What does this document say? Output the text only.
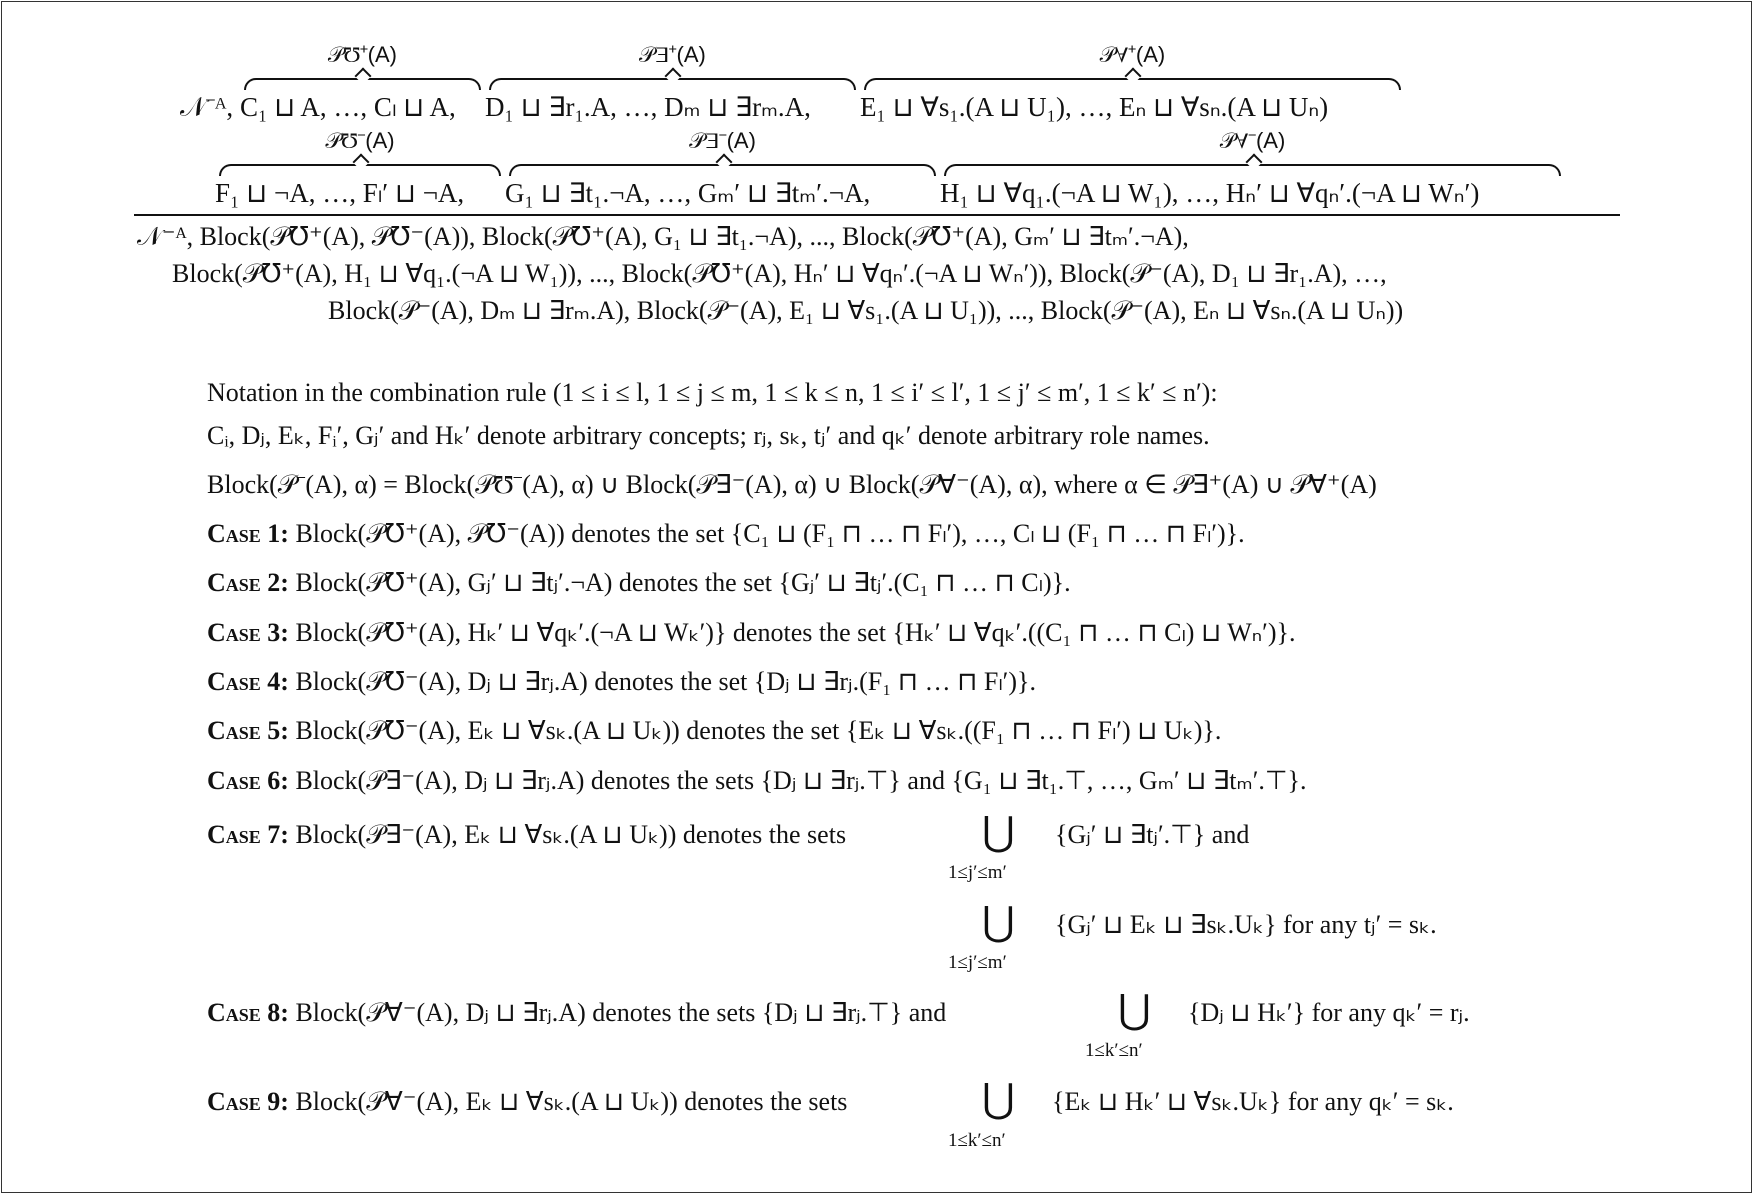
𝒩⁻ᴬ,
𝒫℧⁺(A)
C₁ ⊔ A, …, Cₗ ⊔ A,
𝒫∃⁺(A)
D₁ ⊔ ∃r₁.A, …, Dₘ ⊔ ∃rₘ.A,
𝒫∀⁺(A)
E₁ ⊔ ∀s₁.(A ⊔ U₁), …, Eₙ ⊔ ∀sₙ.(A ⊔ Uₙ)
𝒫℧⁻(A)
F₁ ⊔ ¬A, …, Fₗ′ ⊔ ¬A,
𝒫∃⁻(A)
G₁ ⊔ ∃t₁.¬A, …, Gₘ′ ⊔ ∃tₘ′.¬A,
𝒫∀⁻(A)
H₁ ⊔ ∀q₁.(¬A ⊔ W₁), …, Hₙ′ ⊔ ∀qₙ′.(¬A ⊔ Wₙ′)
𝒩⁻ᴬ, Block(𝒫℧⁺(A), 𝒫℧⁻(A)), Block(𝒫℧⁺(A), G₁ ⊔ ∃t₁.¬A), ..., Block(𝒫℧⁺(A), Gₘ′ ⊔ ∃tₘ′.¬A),
Block(𝒫℧⁺(A), H₁ ⊔ ∀q₁.(¬A ⊔ W₁)), ..., Block(𝒫℧⁺(A), Hₙ′ ⊔ ∀qₙ′.(¬A ⊔ Wₙ′)), Block(𝒫⁻(A), D₁ ⊔ ∃r₁.A), …,
Block(𝒫⁻(A), Dₘ ⊔ ∃rₘ.A), Block(𝒫⁻(A), E₁ ⊔ ∀s₁.(A ⊔ U₁)), ..., Block(𝒫⁻(A), Eₙ ⊔ ∀sₙ.(A ⊔ Uₙ))
Notation in the combination rule (1 ≤ i ≤ l, 1 ≤ j ≤ m, 1 ≤ k ≤ n, 1 ≤ i′ ≤ l′, 1 ≤ j′ ≤ m′, 1 ≤ k′ ≤ n′):
Cᵢ, Dⱼ, Eₖ, Fᵢ′, Gⱼ′ and Hₖ′ denote arbitrary concepts; rⱼ, sₖ, tⱼ′ and qₖ′ denote arbitrary role names.
Block(𝒫⁻(A), α) = Block(𝒫℧⁻(A), α) ∪ Block(𝒫∃⁻(A), α) ∪ Block(𝒫∀⁻(A), α), where α ∈ 𝒫∃⁺(A) ∪ 𝒫∀⁺(A)
Case 1: Block(𝒫℧⁺(A), 𝒫℧⁻(A)) denotes the set {C₁ ⊔ (F₁ ⊓ … ⊓ Fₗ′), …, Cₗ ⊔ (F₁ ⊓ … ⊓ Fₗ′)}.
Case 2: Block(𝒫℧⁺(A), Gⱼ′ ⊔ ∃tⱼ′.¬A) denotes the set {Gⱼ′ ⊔ ∃tⱼ′.(C₁ ⊓ … ⊓ Cₗ)}.
Case 3: Block(𝒫℧⁺(A), Hₖ′ ⊔ ∀qₖ′.(¬A ⊔ Wₖ′)} denotes the set {Hₖ′ ⊔ ∀qₖ′.((C₁ ⊓ … ⊓ Cₗ) ⊔ Wₙ′)}.
Case 4: Block(𝒫℧⁻(A), Dⱼ ⊔ ∃rⱼ.A) denotes the set {Dⱼ ⊔ ∃rⱼ.(F₁ ⊓ … ⊓ Fₗ′)}.
Case 5: Block(𝒫℧⁻(A), Eₖ ⊔ ∀sₖ.(A ⊔ Uₖ)) denotes the set {Eₖ ⊔ ∀sₖ.((F₁ ⊓ … ⊓ Fₗ′) ⊔ Uₖ)}.
Case 6: Block(𝒫∃⁻(A), Dⱼ ⊔ ∃rⱼ.A) denotes the sets {Dⱼ ⊔ ∃rⱼ.⊤} and {G₁ ⊔ ∃t₁.⊤, …, Gₘ′ ⊔ ∃tₘ′.⊤}.
Case 7: Block(𝒫∃⁻(A), Eₖ ⊔ ∀sₖ.(A ⊔ Uₖ)) denotes the sets	⋃
1≤j′≤m′
{Gⱼ′ ⊔ ∃tⱼ′.⊤} and
⋃
1≤j′≤m′
{Gⱼ′ ⊔ Eₖ ⊔ ∃sₖ.Uₖ} for any tⱼ′ = sₖ.
Case 8: Block(𝒫∀⁻(A), Dⱼ ⊔ ∃rⱼ.A) denotes the sets {Dⱼ ⊔ ∃rⱼ.⊤} and	⋃
1≤k′≤n′
{Dⱼ ⊔ Hₖ′} for any qₖ′ = rⱼ.
Case 9: Block(𝒫∀⁻(A), Eₖ ⊔ ∀sₖ.(A ⊔ Uₖ)) denotes the sets	⋃
1≤k′≤n′
{Eₖ ⊔ Hₖ′ ⊔ ∀sₖ.Uₖ} for any qₖ′ = sₖ.
